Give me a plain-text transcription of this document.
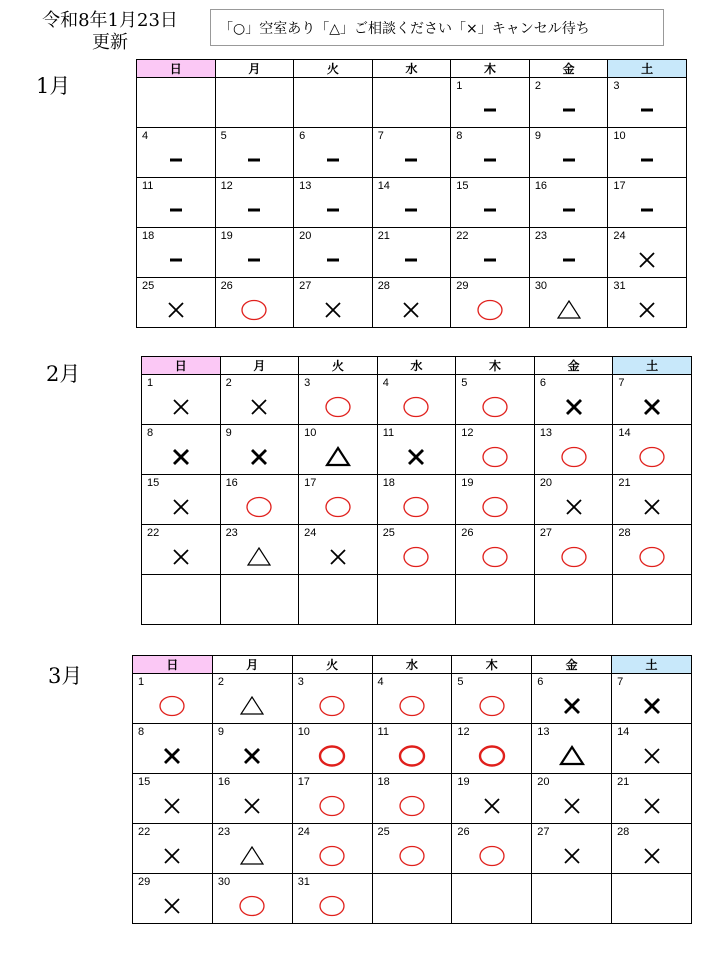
令和8年1月23日
更新
「○」空室あり「△」ご相談ください「×」キャンセル待ち
1月
2月
3月
日	月	火	水	木	金	土

				1	2	3

4	5	6	7	8	9	10

11	12	13	14	15	16	17

18	19	20	21	22	23	24

25	26	27	28	29	30	31
日	月	火	水	木	金	土

1	2	3	4	5	6	7

8	9	10	11	12	13	14

15	16	17	18	19	20	21

22	23	24	25	26	27	28

日	月	火	水	木	金	土

1	2	3	4	5	6	7

8	9	10	11	12	13	14

15	16	17	18	19	20	21

22	23	24	25	26	27	28

29	30	31				
